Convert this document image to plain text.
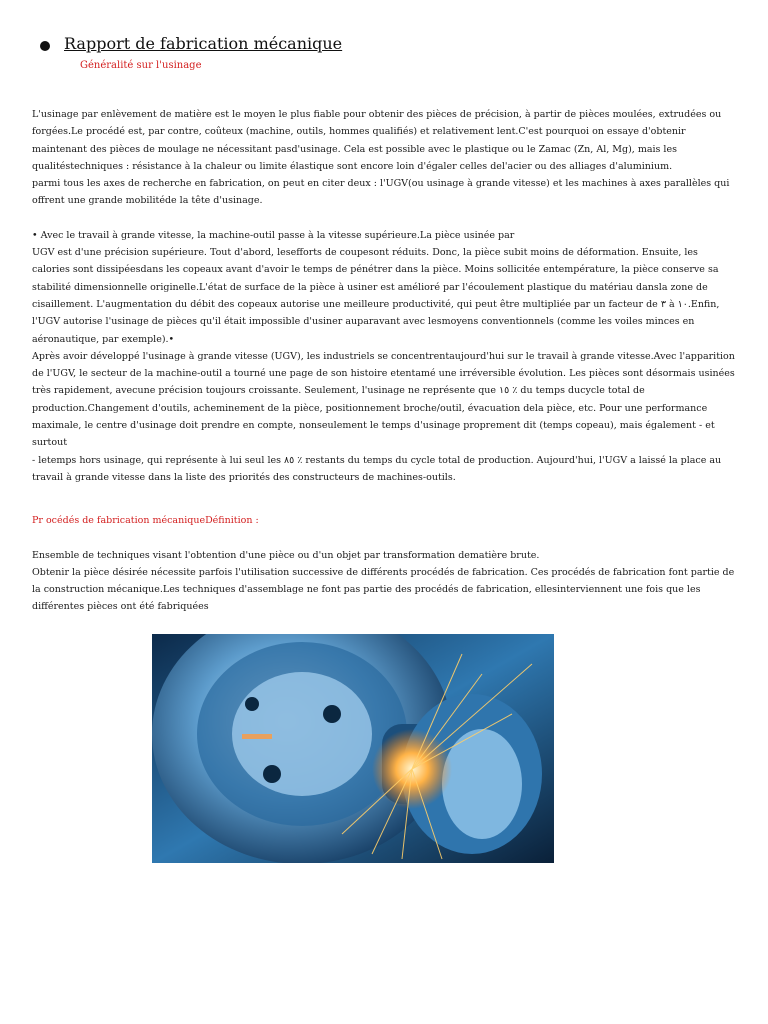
Rapport de fabrication mécanique
Généralité sur l'usinage

L'usinage par enlèvement de matière est le moyen le plus fiable pour obtenir des pièces de précision, à partir de pièces moulées, extrudées ou forgées.Le procédé est, par contre, coûteux (machine, outils, hommes qualifiés) et relativement lent.C'est pourquoi on essaye d'obtenir maintenant des pièces de moulage ne nécessitant pasd'usinage. Cela est possible avec le plastique ou le Zamac (Zn, Al, Mg), mais les qualitéstechniques : résistance à la chaleur ou limite élastique sont encore loin d'égaler celles del'acier ou des alliages d'aluminium.

parmi tous les axes de recherche en fabrication, on peut en citer deux : l'UGV(ou usinage à grande vitesse) et les machines à axes parallèles qui offrent une grande mobilitéde la tête d'usinage.

• Avec le travail à grande vitesse, la machine-outil passe à la vitesse supérieure.La pièce usinée par

UGV est d'une précision supérieure. Tout d'abord, lesefforts de coupesont réduits. Donc, la pièce subit moins de déformation. Ensuite, les calories sont dissipéesdans les copeaux avant d'avoir le temps de pénétrer dans la pièce. Moins sollicitée entempérature, la pièce conserve sa stabilité dimensionnelle originelle.L'état de surface de la pièce à usiner est amélioré par l'écoulement plastique du matériau dansla zone de cisaillement. L'augmentation du débit des copeaux autorise une meilleure productivité, qui peut être multipliée par un facteur de ٣ à ١٠.Enfin, l'UGV autorise l'usinage de pièces qu'il était impossible d'usiner auparavant avec lesmoyens conventionnels (comme les voiles minces en aéronautique, par exemple).•

Après avoir développé l'usinage à grande vitesse (UGV), les industriels se concentrentaujourd'hui sur le travail à grande vitesse.Avec l'apparition de l'UGV, le secteur de la machine-outil a tourné une page de son histoire etentamé une irréversible évolution. Les pièces sont désormais usinées très rapidement, avecune précision toujours croissante. Seulement, l'usinage ne représente que ١٥ ٪ du temps ducycle total de production.Changement d'outils, acheminement de la pièce, positionnement broche/outil, évacuation dela pièce, etc. Pour une performance maximale, le centre d'usinage doit prendre en compte, nonseulement le temps d'usinage proprement dit (temps copeau), mais également - et surtout

- letemps hors usinage, qui représente à lui seul les ٨٥ ٪ restants du temps du cycle total de production. Aujourd'hui, l'UGV a laissé la place au travail à grande vitesse dans la liste des priorités des constructeurs de machines-outils.

Pr océdés de fabrication mécaniqueDéfinition :

Ensemble de techniques visant l'obtention d'une pièce ou d'un objet par transformation dematière brute.

Obtenir la pièce désirée nécessite parfois l'utilisation successive de différents procédés de fabrication. Ces procédés de fabrication font partie de la construction mécanique.Les techniques d'assemblage ne font pas partie des procédés de fabrication, ellesinterviennent une fois que les différentes pièces ont été fabriquées
